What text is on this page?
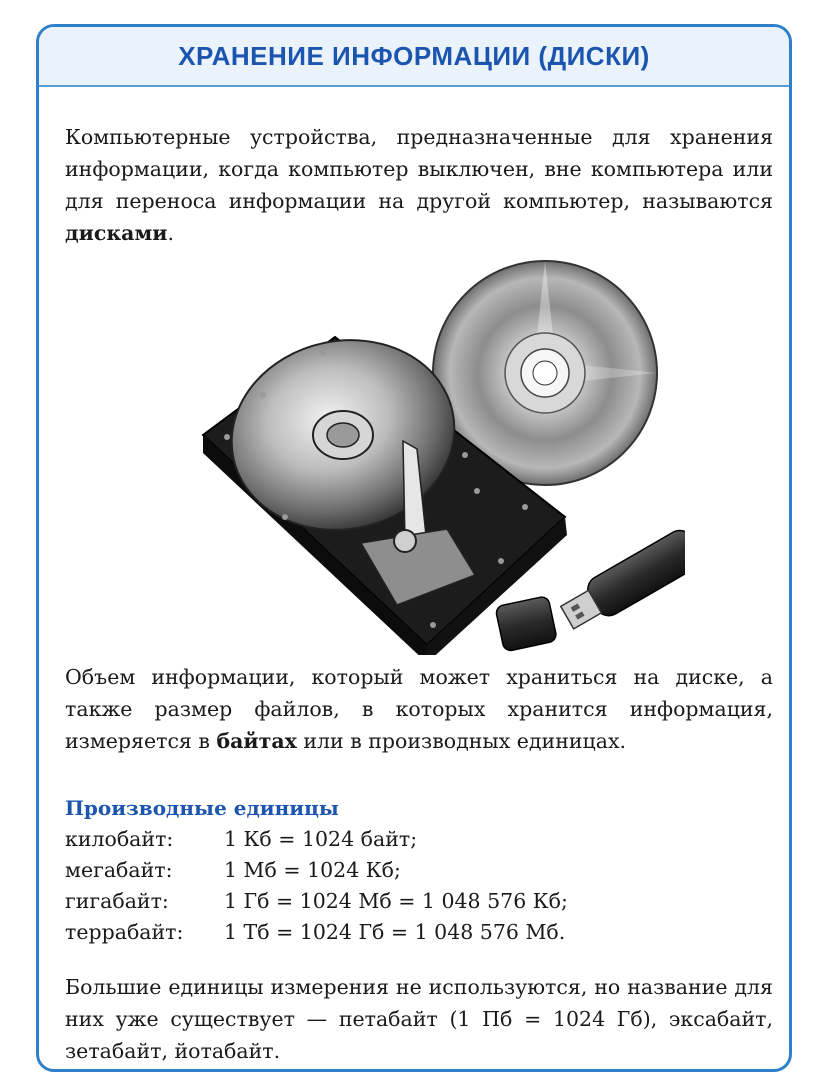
ХРАНЕНИЕ ИНФОРМАЦИИ (ДИСКИ)
Компьютерные устройства, предназначенные для хранения информации, когда компьютер выключен, вне компьютера или для переноса информации на другой компьютер, называются дисками.
Объем информации, который может храниться на диске, а также размер файлов, в которых хранится информация, измеряется в байтах или в производных единицах.
Производные единицы
килобайт:	1 Кб = 1024 байт;
мегабайт:	1 Мб = 1024 Кб;
гигабайт:	1 Гб = 1024 Мб = 1 048 576 Кб;
террабайт:	1 Тб = 1024 Гб = 1 048 576 Мб.
Большие единицы измерения не используются, но название для них уже существует — петабайт (1 Пб = 1024 Гб), эксабайт, зетабайт, йотабайт.
